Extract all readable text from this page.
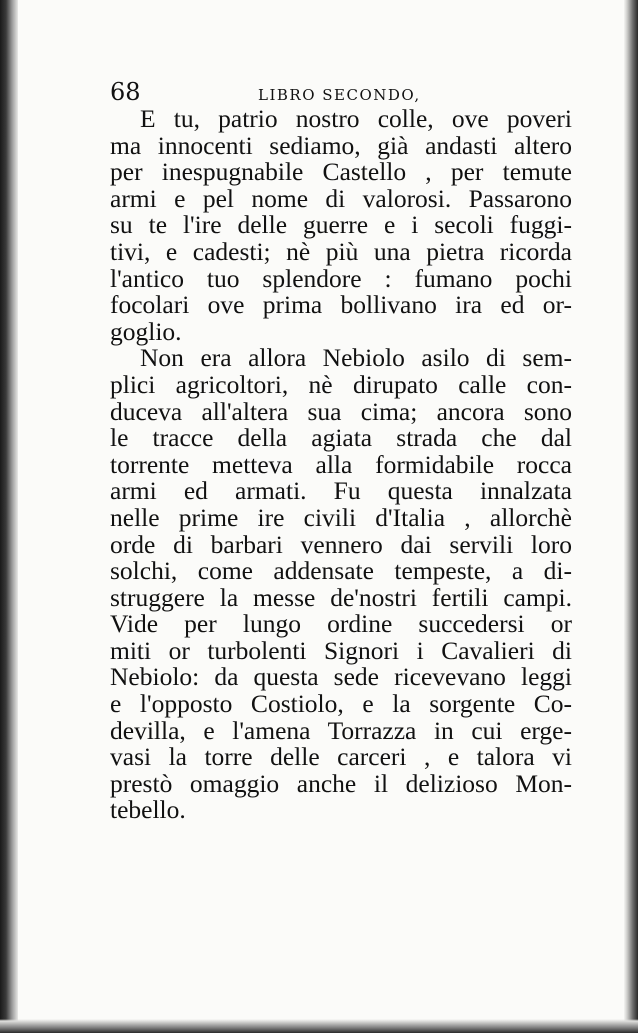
68	LIBRO SECONDO,
E tu, patrio nostro colle, ove poveri
ma innocenti sediamo, già andasti altero
per inespugnabile Castello , per temute
armi e pel nome di valorosi. Passarono
su te l'ire delle guerre e i secoli fuggi-
tivi, e cadesti; nè più una pietra ricorda
l'antico tuo splendore : fumano pochi
focolari ove prima bollivano ira ed or-
goglio.
Non era allora Nebiolo asilo di sem-
plici agricoltori, nè dirupato calle con-
duceva all'altera sua cima; ancora sono
le tracce della agiata strada che dal
torrente metteva alla formidabile rocca
armi ed armati. Fu questa innalzata
nelle prime ire civili d'Italia , allorchè
orde di barbari vennero dai servili loro
solchi, come addensate tempeste, a di-
struggere la messe de'nostri fertili campi.
Vide per lungo ordine succedersi or
miti or turbolenti Signori i Cavalieri di
Nebiolo: da questa sede ricevevano leggi
e l'opposto Costiolo, e la sorgente Co-
devilla, e l'amena Torrazza in cui erge-
vasi la torre delle carceri , e talora vi
prestò omaggio anche il delizioso Mon-
tebello.
